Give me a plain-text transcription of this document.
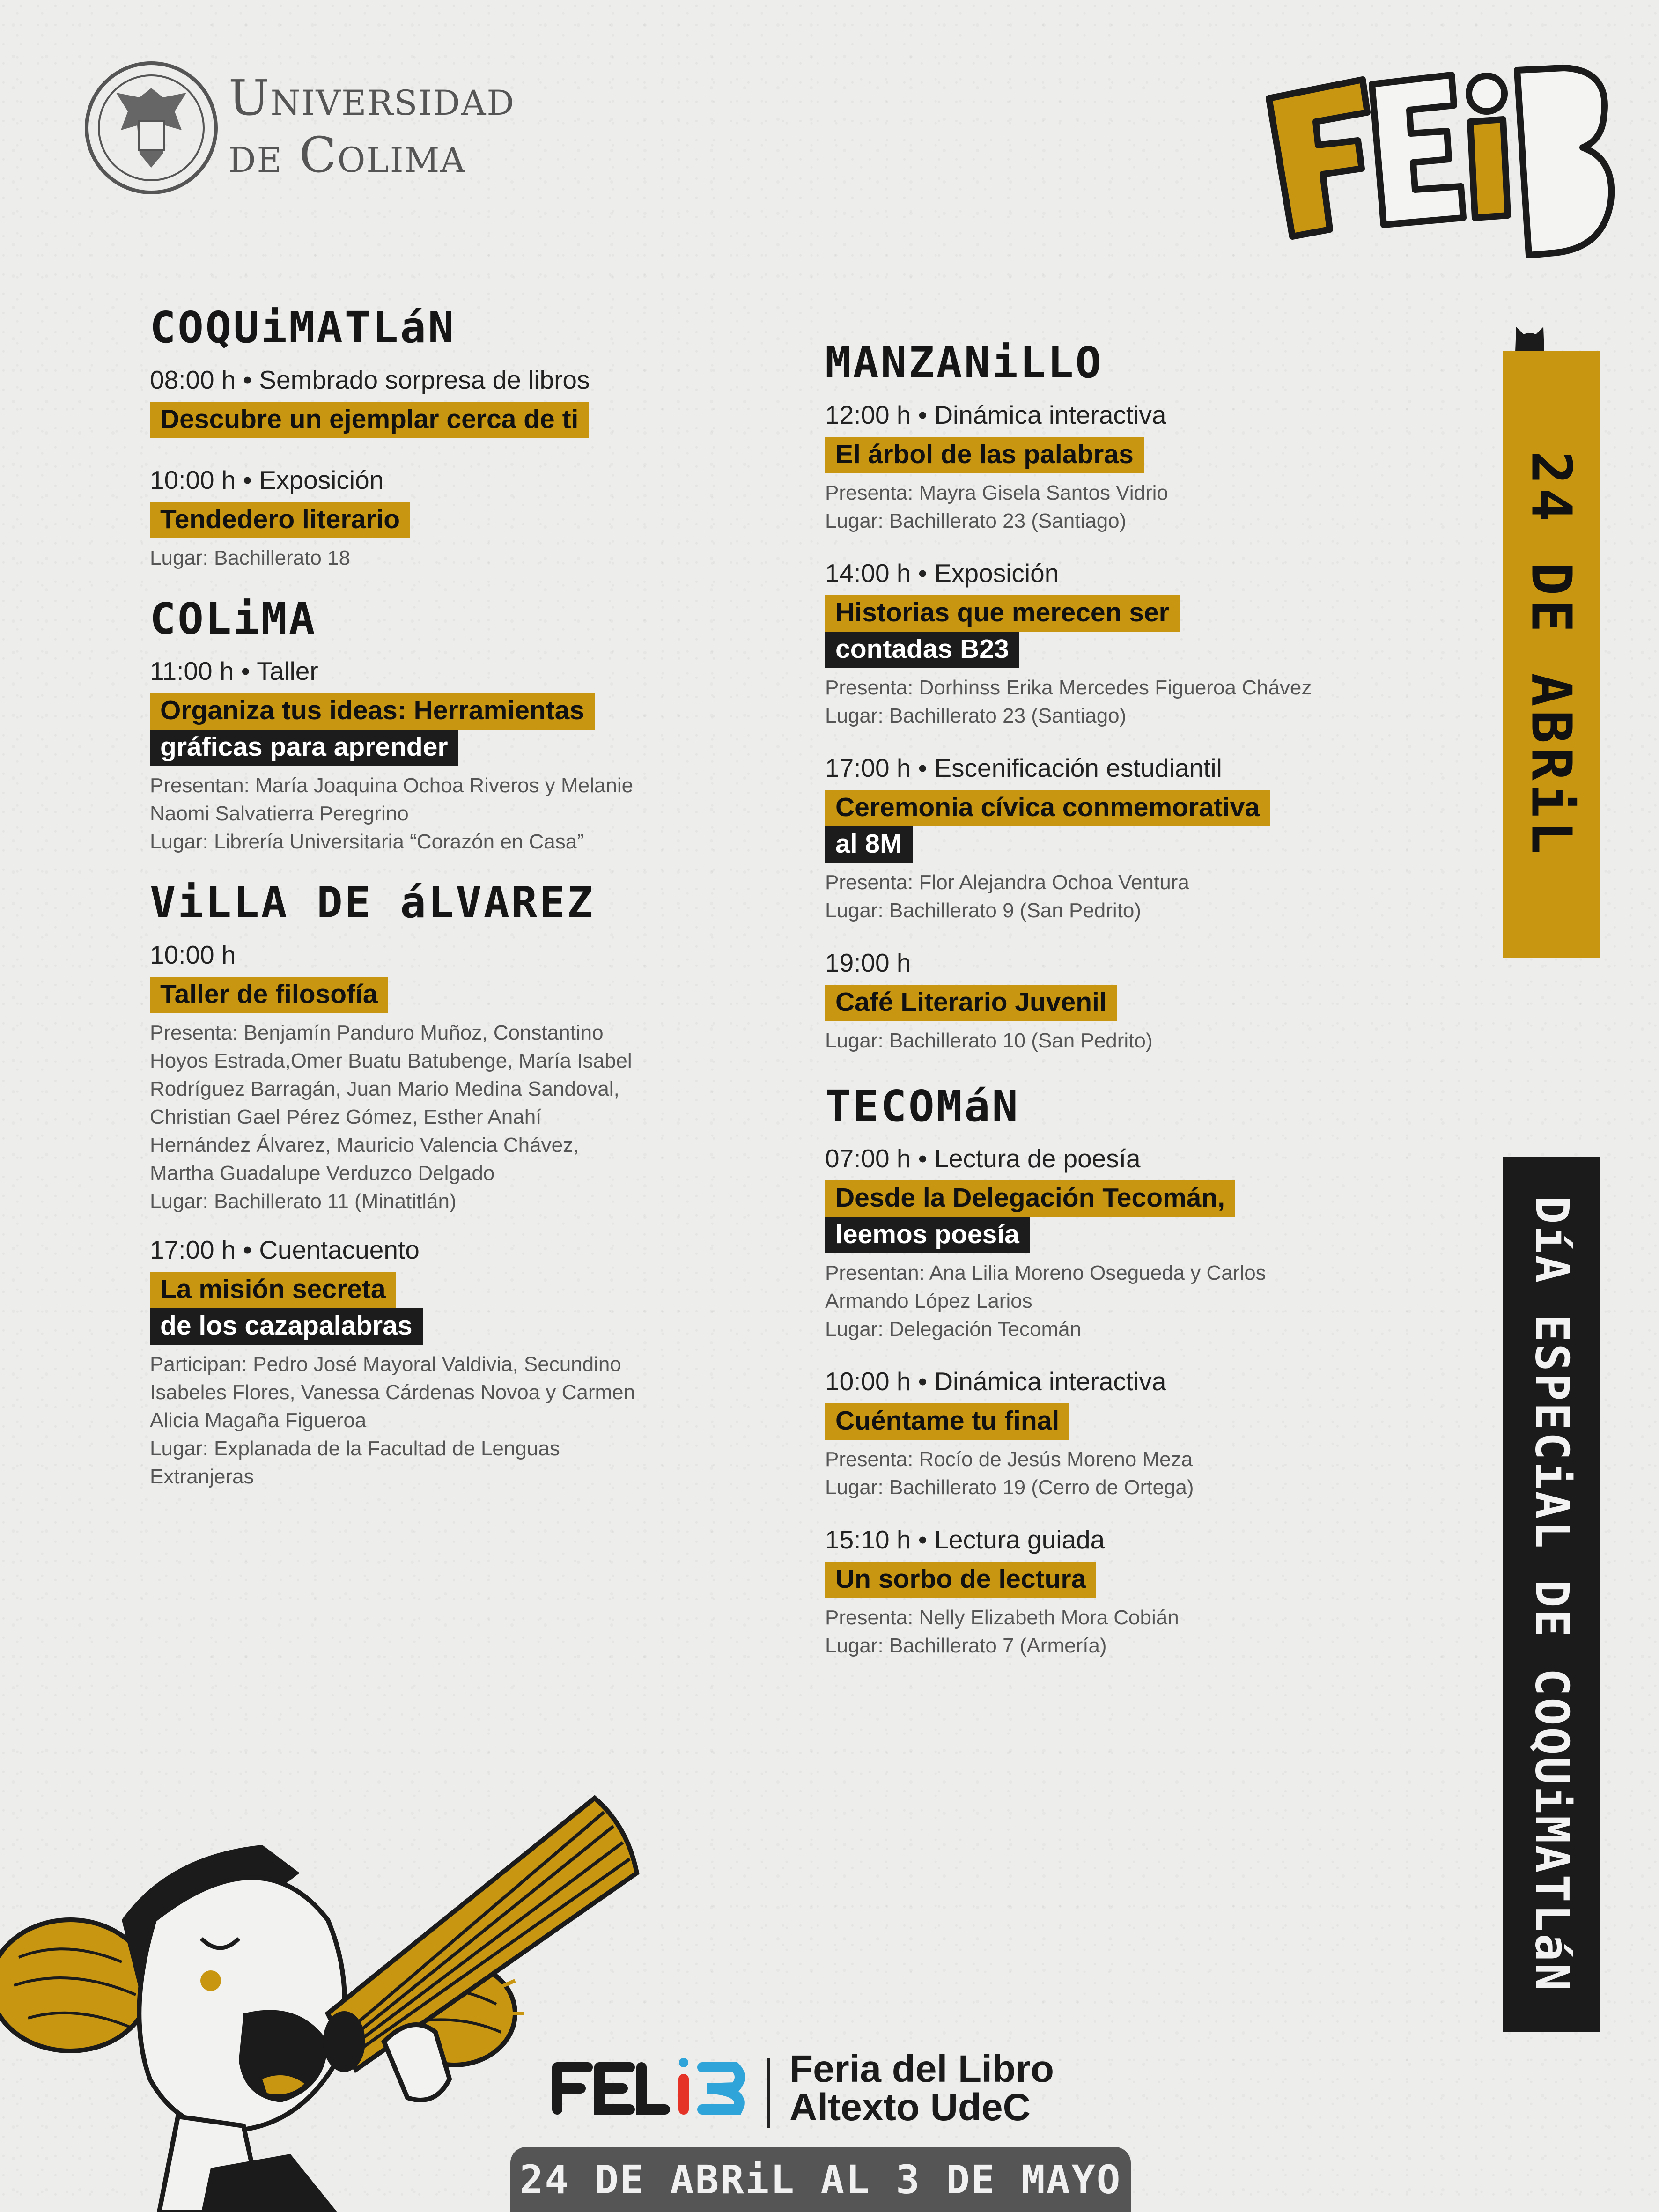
Universidad
de Colima
FELiB
COQUiMATLáN
08:00 h • Sembrado sorpresa de libros
Descubre un ejemplar cerca de ti
10:00 h • Exposición
Tendedero literario
Lugar: Bachillerato 18
COLiMA
11:00 h • Taller
Organiza tus ideas: Herramientas
gráficas para aprender
Presentan: María Joaquina Ochoa Riveros y Melanie Naomi Salvatierra Peregrino
Lugar: Librería Universitaria “Corazón en Casa”
ViLLA DE áLVAREZ
10:00 h
Taller de filosofía
Presenta: Benjamín Panduro Muñoz, Constantino Hoyos Estrada,Omer Buatu Batubenge, María Isabel Rodríguez Barragán, Juan Mario Medina Sandoval, Christian Gael Pérez Gómez, Esther Anahí Hernández Álvarez, Mauricio Valencia Chávez, Martha Guadalupe Verduzco Delgado
Lugar: Bachillerato 11 (Minatitlán)
17:00 h • Cuentacuento
La misión secreta
de los cazapalabras
Participan: Pedro José Mayoral Valdivia, Secundino Isabeles Flores, Vanessa Cárdenas Novoa y Carmen Alicia Magaña Figueroa
Lugar: Explanada de la Facultad de Lenguas Extranjeras
MANZANiLLO
12:00 h • Dinámica interactiva
El árbol de las palabras
Presenta: Mayra Gisela Santos Vidrio
Lugar: Bachillerato 23 (Santiago)
14:00 h • Exposición
Historias que merecen ser
contadas B23
Presenta: Dorhinss Erika Mercedes Figueroa Chávez
Lugar: Bachillerato 23 (Santiago)
17:00 h • Escenificación estudiantil
Ceremonia cívica conmemorativa
al 8M
Presenta: Flor Alejandra Ochoa Ventura
Lugar: Bachillerato 9 (San Pedrito)
19:00 h
Café Literario Juvenil
Lugar: Bachillerato 10 (San Pedrito)
TECOMáN
07:00 h • Lectura de poesía
Desde la Delegación Tecomán,
leemos poesía
Presentan: Ana Lilia Moreno Osegueda y Carlos Armando López Larios
Lugar: Delegación Tecomán
10:00 h • Dinámica interactiva
Cuéntame tu final
Presenta: Rocío de Jesús Moreno Meza
Lugar: Bachillerato 19 (Cerro de Ortega)
15:10 h • Lectura guiada
Un sorbo de lectura
Presenta: Nelly Elizabeth Mora Cobián
Lugar: Bachillerato 7 (Armería)
24 DE ABRiL
DíA ESPECiAL DE COQUiMATLáN
FELiB
Feria del Libro
Altexto UdeC
24 DE ABRiL AL 3 DE MAYO
